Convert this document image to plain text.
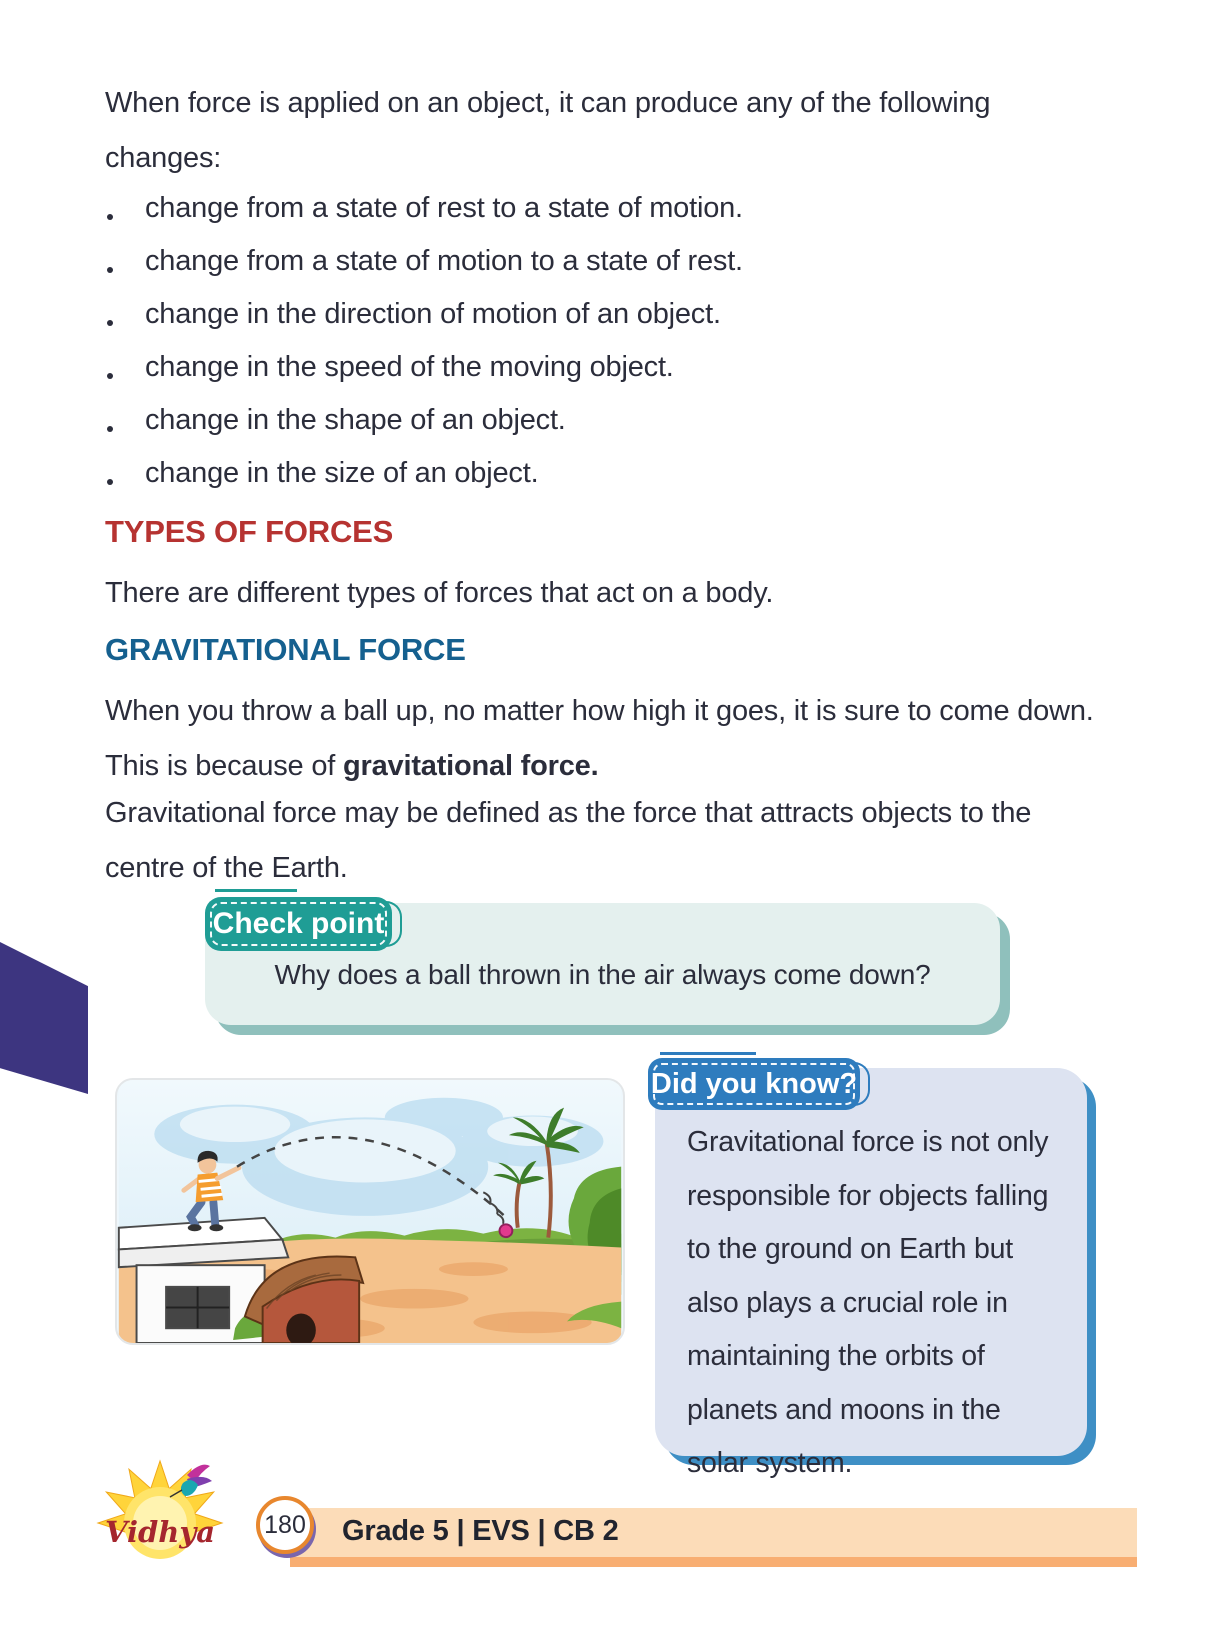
When force is applied on an object, it can produce any of the following changes:

change from a state of rest to a state of motion.
change from a state of motion to a state of rest.
change in the direction of motion of an object.
change in the speed of the moving object.
change in the shape of an object.
change in the size of an object.
TYPES OF FORCES

There are different types of forces that act on a body.

GRAVITATIONAL FORCE

When you throw a ball up, no matter how high it goes, it is sure to come down. This is because of gravitational force.

Gravitational force may be defined as the force that attracts objects to the centre of the Earth.

Why does a ball thrown in the air always come down?

Check point

Gravitational force is not only responsible for objects falling to the ground on Earth but also plays a crucial role in maintaining the orbits of planets and moons in the solar system.

Did you know?
Grade 5 | EVS | CB 2
180
Vidhya
